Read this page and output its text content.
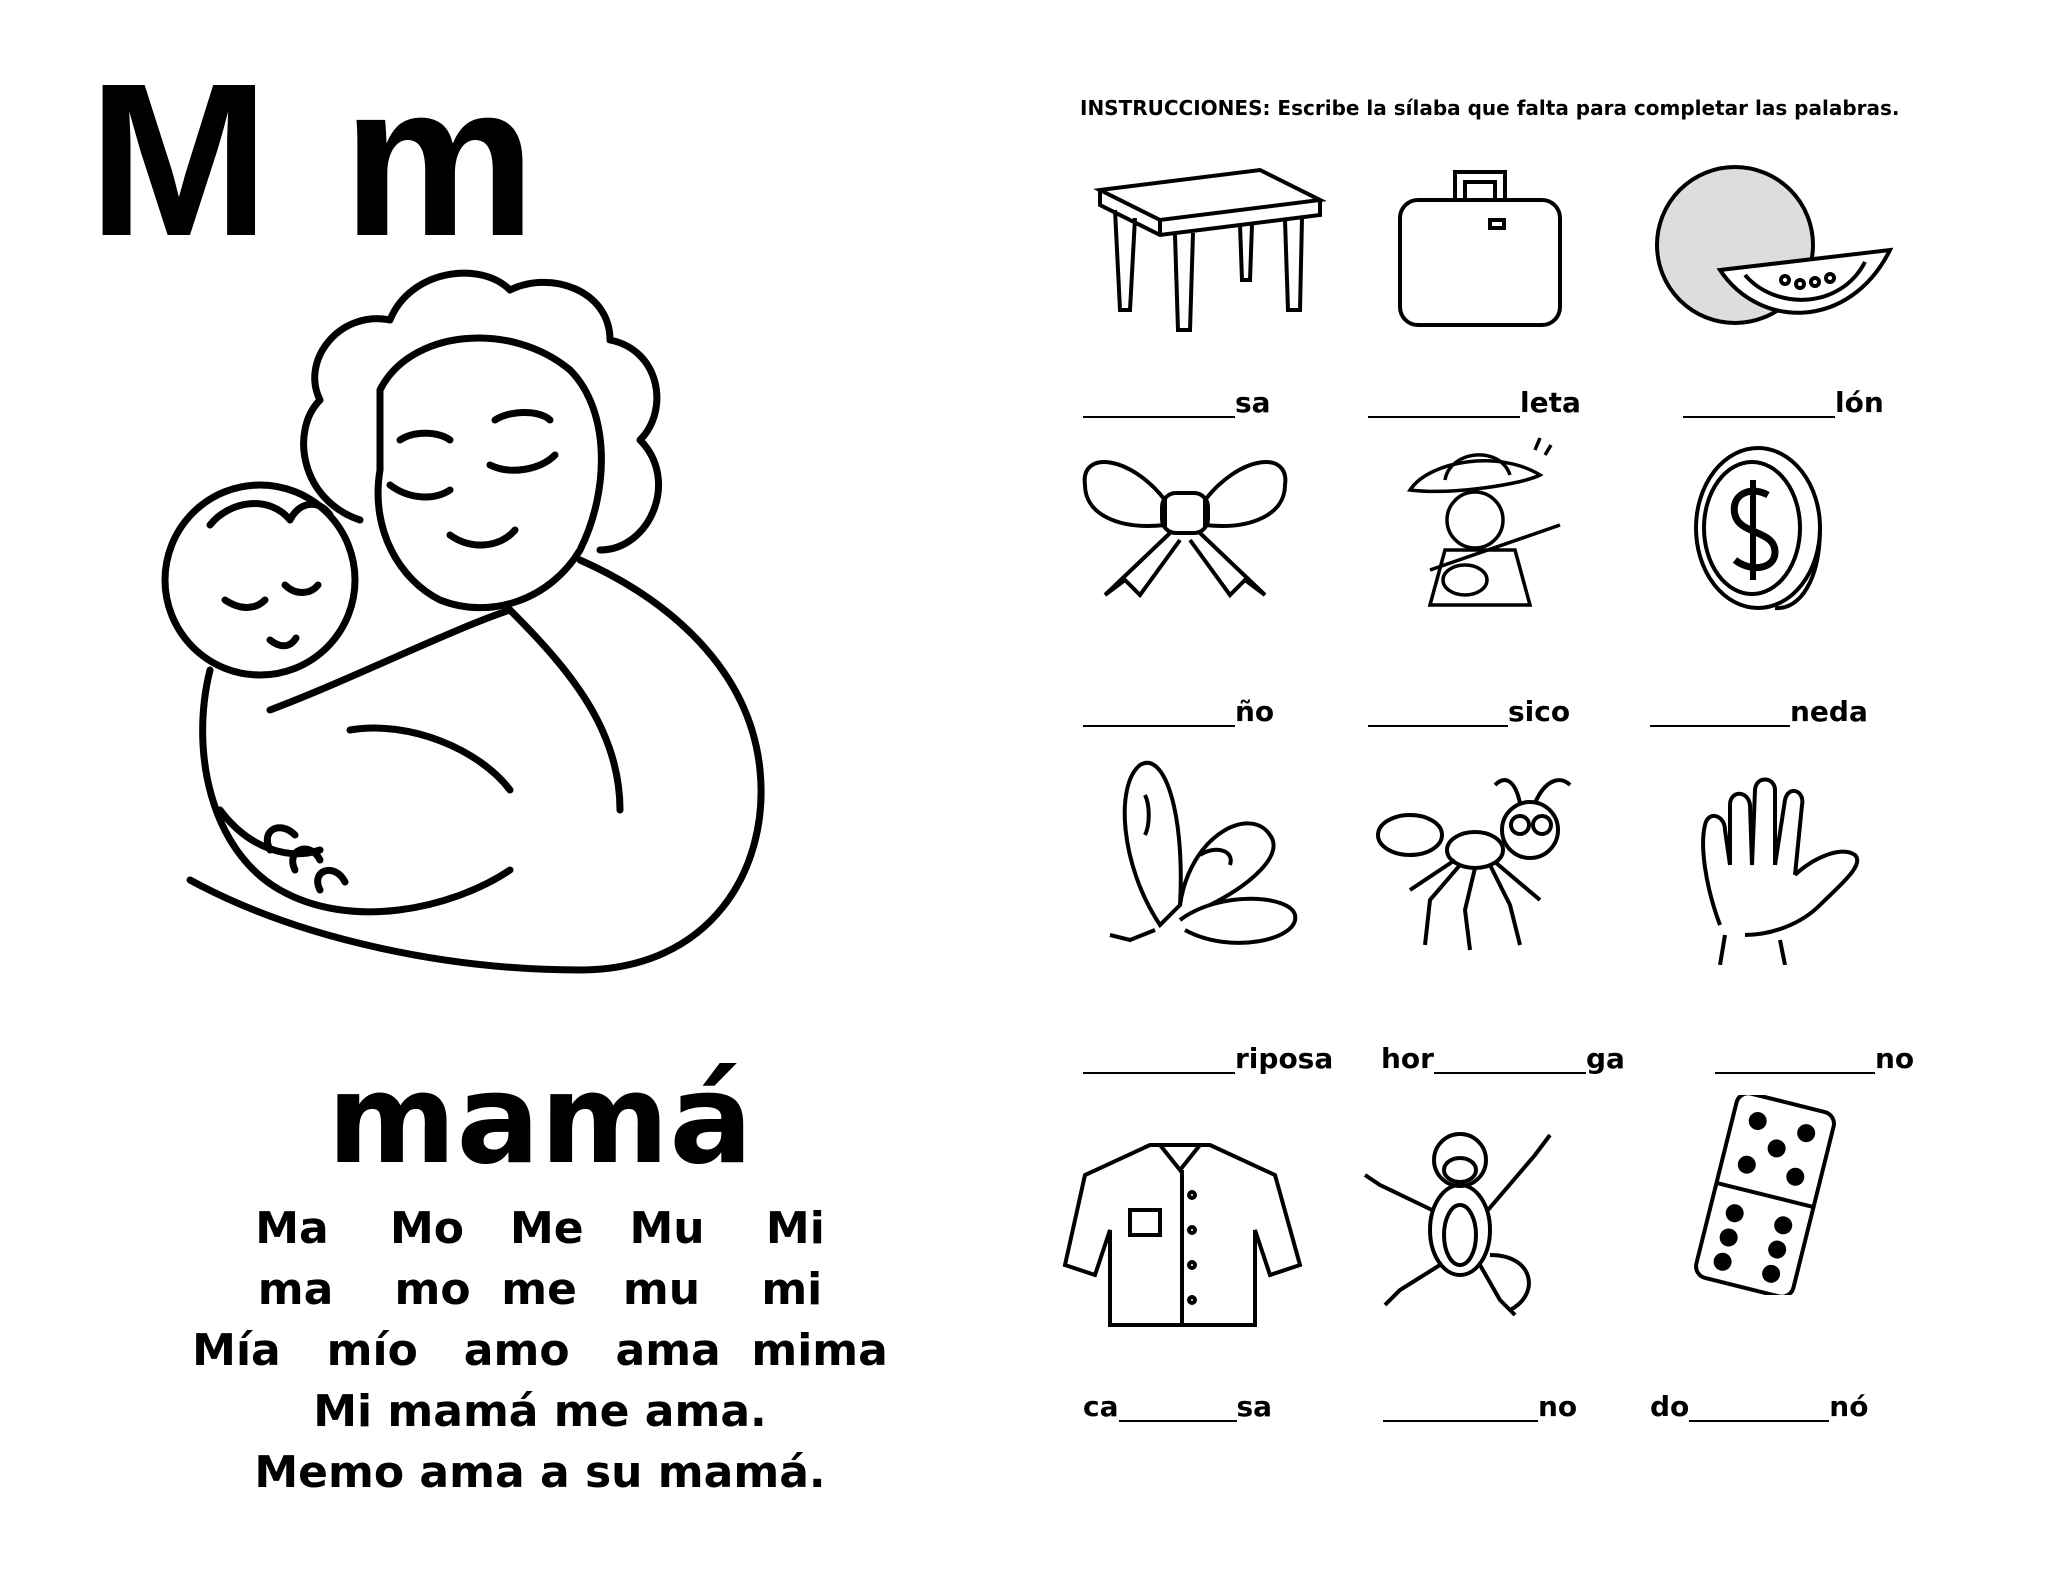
M m
mamá
Ma    Mo   Me   Mu    Mi
ma    mo  me   mu    mi
Mía   mío   amo   ama  mima
Mi mamá me ama.
Memo ama a su mamá.
INSTRUCCIONES: Escribe la sílaba que falta para completar las palabras.
sa	leta	lón
ño	sico	neda
riposa hor	ga	no
ca	sa	no	do	nó
